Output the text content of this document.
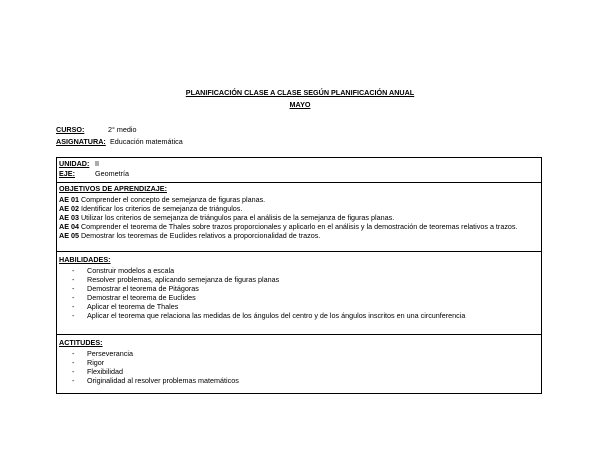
PLANIFICACIÓN CLASE A CLASE SEGÚN PLANIFICACIÓN ANUAL
MAYO
CURSO:	2° medio
ASIGNATURA: Educación matemática
UNIDAD: II
EJE:	Geometría

OBJETIVOS DE APRENDIZAJE:

AE 01 Comprender el concepto de semejanza de figuras planas.

AE 02 Identificar los criterios de semejanza de triángulos.

AE 03 Utilizar los criterios de semejanza de triángulos para el análisis de la semejanza de figuras planas.

AE 04 Comprender el teorema de Thales sobre trazos proporcionales y aplicarlo en el análisis y la demostración de teoremas relativos a trazos.

AE 05 Demostrar los teoremas de Euclides relativos a proporcionalidad de trazos.

HABILIDADES:
-	Construir modelos a escala
-	Resolver problemas, aplicando semejanza de figuras planas
-	Demostrar el teorema de Pitágoras
-	Demostrar el teorema de Euclides
-	Aplicar el teorema de Thales
-	Aplicar el teorema que relaciona las medidas de los ángulos del centro y de los ángulos inscritos en una circunferencia

ACTITUDES:
-	Perseverancia
-	Rigor
-	Flexibilidad
-	Originalidad al resolver problemas matemáticos
